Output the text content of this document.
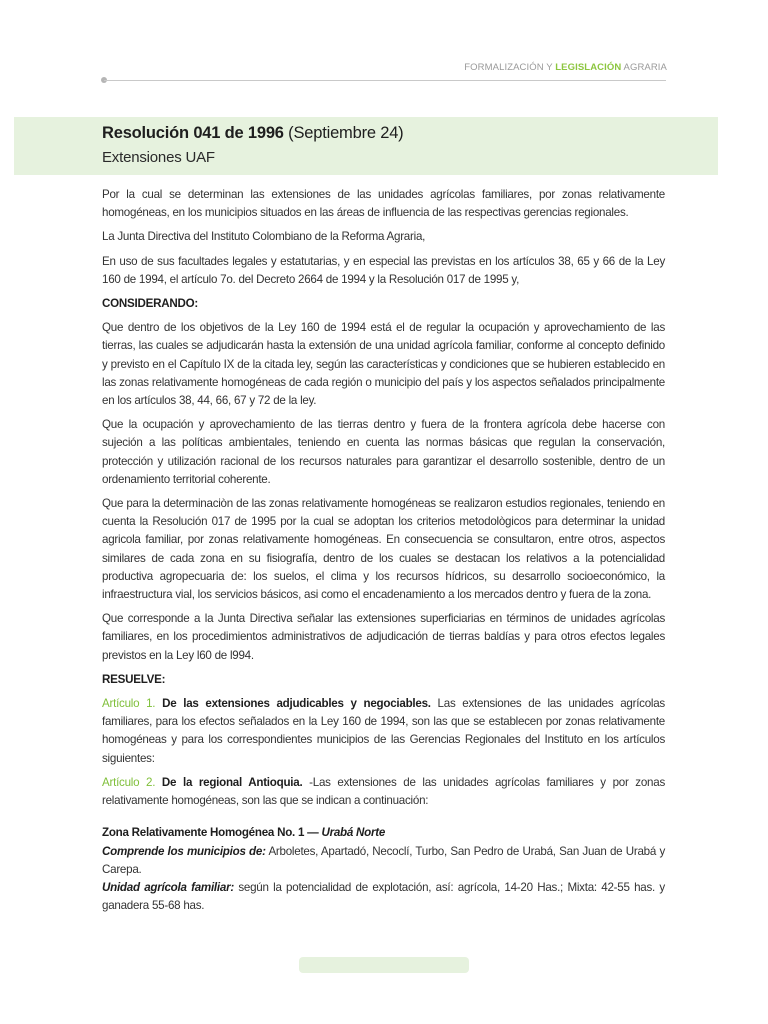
FORMALIZACIÓN Y LEGISLACIÓN AGRARIA
Resolución 041 de 1996 (Septiembre 24)
Extensiones UAF

Por la cual se determinan las extensiones de las unidades agrícolas familiares, por zonas relativamente homogéneas, en los municipios situados en las áreas de influencia de las respectivas gerencias regionales.

La Junta Directiva del Instituto Colombiano de la Reforma Agraria,

En uso de sus facultades legales y estatutarias, y en especial las previstas en los artículos 38, 65 y 66 de la Ley 160 de 1994, el artículo 7o. del Decreto 2664 de 1994 y la Resolución 017 de 1995 y,

CONSIDERANDO:

Que dentro de los objetivos de la Ley 160 de 1994 está el de regular la ocupación y aprovechamiento de las tierras, las cuales se adjudicarán hasta la extensión de una unidad agrícola familiar, conforme al concepto definido y previsto en el Capítulo IX de la citada ley, según las características y condiciones que se hubieren establecido en las zonas relativamente homogéneas de cada región o municipio del país y los aspectos señalados principalmente en los artículos 38, 44, 66, 67 y 72 de la ley.

Que la ocupación y aprovechamiento de las tierras dentro y fuera de la frontera agrícola debe hacerse con sujeción a las políticas ambientales, teniendo en cuenta las normas básicas que regulan la conservación, protección y utilización racional de los recursos naturales para garantizar el desarrollo sostenible, dentro de un ordenamiento territorial coherente.

Que para la determinaciòn de las zonas relativamente homogéneas se realizaron estudios regionales, teniendo en cuenta la Resolución 017 de 1995 por la cual se adoptan los criterios metodològicos para determinar la unidad agricola familiar, por zonas relativamente homogéneas. En consecuencia se consultaron, entre otros, aspectos similares de cada zona en su fisiografía, dentro de los cuales se destacan los relativos a la potencialidad productiva agropecuaria de: los suelos, el clima y los recursos hídricos, su desarrollo socioeconómico, la infraestructura vial, los servicios básicos, asi como el encadenamiento a los mercados dentro y fuera de la zona.

Que corresponde a la Junta Directiva señalar las extensiones superficiarias en términos de unidades agrícolas familiares, en los procedimientos administrativos de adjudicación de tierras baldías y para otros efectos legales previstos en la Ley l60 de l994.

RESUELVE:

Artículo 1. De las extensiones adjudicables y negociables. Las extensiones de las unidades agrícolas familiares, para los efectos señalados en la Ley 160 de 1994, son las que se establecen por zonas relativamente homogéneas y para los correspondientes municipios de las Gerencias Regionales del Instituto en los artículos siguientes:

Artículo 2. De la regional Antioquia. -Las extensiones de las unidades agrícolas familiares y por zonas relativamente homogéneas, son las que se indican a continuación:

Zona Relativamente Homogénea No. 1 — Urabá Norte

Comprende los municipios de: Arboletes, Apartadó, Necoclí, Turbo, San Pedro de Urabá, San Juan de Urabá y Carepa.

Unidad agrícola familiar: según la potencialidad de explotación, así: agrícola, 14-20 Has.; Mixta: 42-55 has. y ganadera 55-68 has.
